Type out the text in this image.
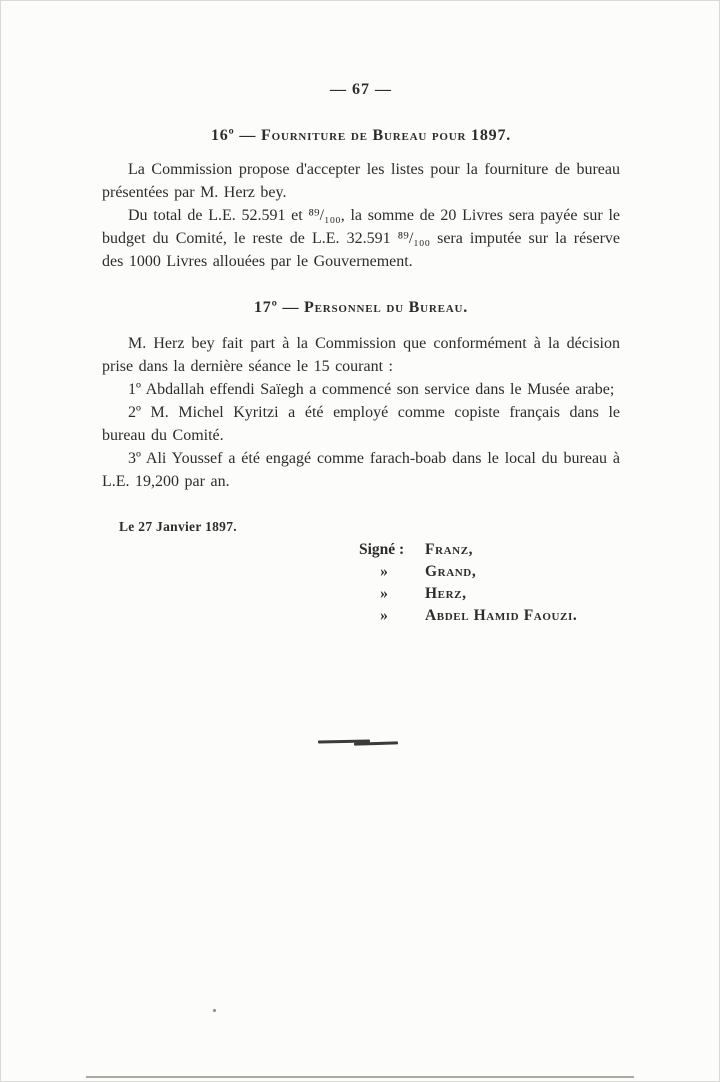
— 67 —
16º — Fourniture de Bureau pour 1897.

La Commission propose d'accepter les listes pour la fourniture de bureau présentées par M. Herz bey.

Du total de L.E. 52.591 et ⁸⁹/₁₀₀, la somme de 20 Livres sera payée sur le budget du Comité, le reste de L.E. 32.591 ⁸⁹/₁₀₀ sera imputée sur la réserve des 1000 Livres allouées par le Gouvernement.

17º — Personnel du Bureau.

M. Herz bey fait part à la Commission que conformément à la décision prise dans la dernière séance le 15 courant :

1º Abdallah effendi Saïegh a commencé son service dans le Musée arabe;

2º M. Michel Kyritzi a été employé comme copiste français dans le bureau du Comité.

3º Ali Youssef a été engagé comme farach-boab dans le local du bureau à L.E. 19,200 par an.

Le 27 Janvier 1897.
Signé :	Franz,
»	Grand,
»	Herz,
»	Abdel Hamid Faouzi.
